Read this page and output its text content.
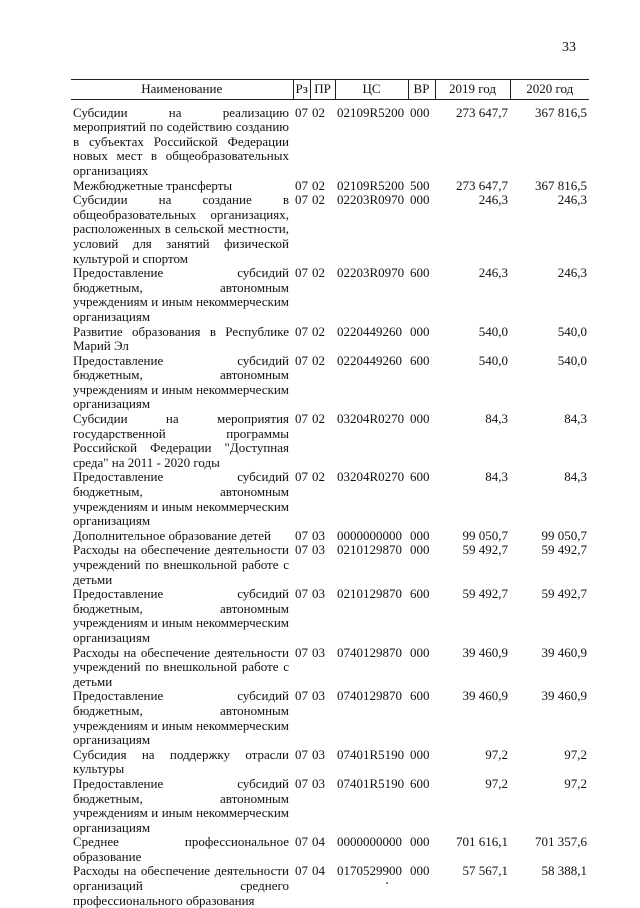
33
Наименование	Рз	ПР	ЦС	ВР	2019 год	2020 год
Субсидии на реализацию мероприятий по содействию созданию в субъектах Российской Федерации новых мест в общеобразовательных организациях	07	02	02109R5200	000	273 647,7	367 816,5
Межбюджетные трансферты	07	02	02109R5200	500	273 647,7	367 816,5
Субсидии на создание в общеобразовательных организациях, расположенных в сельской местности, условий для занятий физической культурой и спортом	07	02	02203R0970	000	246,3	246,3
Предоставление субсидий бюджетным, автономным учреждениям и иным некоммерческим организациям	07	02	02203R0970	600	246,3	246,3
Развитие образования в Республике Марий Эл	07	02	0220449260	000	540,0	540,0
Предоставление субсидий бюджетным, автономным учреждениям и иным некоммерческим организациям	07	02	0220449260	600	540,0	540,0
Субсидии на мероприятия государственной программы Российской Федерации "Доступная среда" на 2011 - 2020 годы	07	02	03204R0270	000	84,3	84,3
Предоставление субсидий бюджетным, автономным учреждениям и иным некоммерческим организациям	07	02	03204R0270	600	84,3	84,3
Дополнительное образование детей	07	03	0000000000	000	99 050,7	99 050,7
Расходы на обеспечение деятельности учреждений по внешкольной работе с детьми	07	03	0210129870	000	59 492,7	59 492,7
Предоставление субсидий бюджетным, автономным учреждениям и иным некоммерческим организациям	07	03	0210129870	600	59 492,7	59 492,7
Расходы на обеспечение деятельности учреждений по внешкольной работе с детьми	07	03	0740129870	000	39 460,9	39 460,9
Предоставление субсидий бюджетным, автономным учреждениям и иным некоммерческим организациям	07	03	0740129870	600	39 460,9	39 460,9
Субсидия на поддержку отрасли культуры	07	03	07401R5190	000	97,2	97,2
Предоставление субсидий бюджетным, автономным учреждениям и иным некоммерческим организациям	07	03	07401R5190	600	97,2	97,2
Среднее профессиональное образование	07	04	0000000000	000	701 616,1	701 357,6
Расходы на обеспечение деятельности организаций среднего профессионального образования	07	04	0170529900	000	57 567,1	58 388,1
